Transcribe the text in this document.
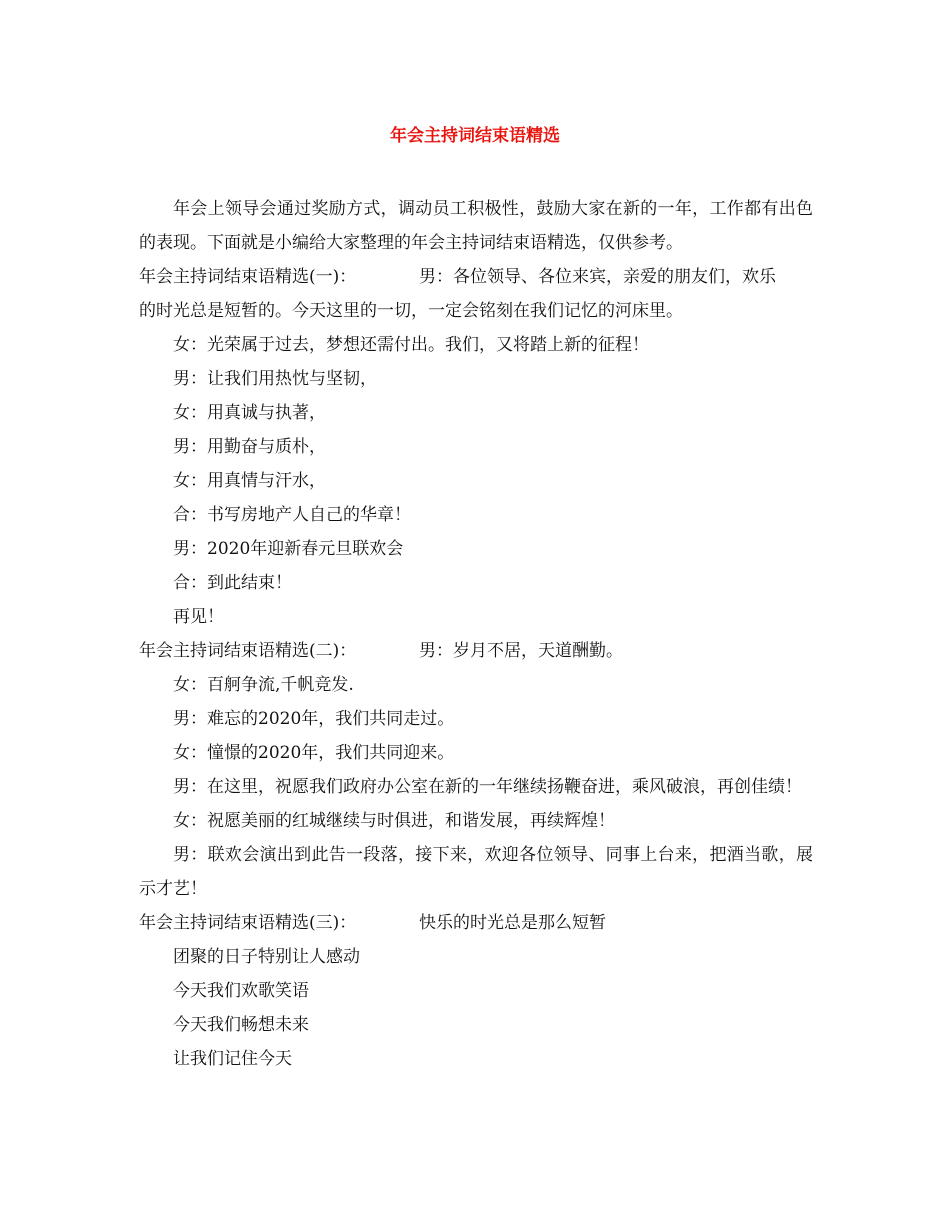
年会主持词结束语精选

年会上领导会通过奖励方式，调动员工积极性，鼓励大家在新的一年，工作都有出色的表现。下面就是小编给大家整理的年会主持词结束语精选，仅供参考。

年会主持词结束语精选(一)：	男：各位领导、各位来宾，亲爱的朋友们，欢乐

的时光总是短暂的。今天这里的一切，一定会铭刻在我们记忆的河床里。

女：光荣属于过去，梦想还需付出。我们，又将踏上新的征程！

男：让我们用热忱与坚韧，

女：用真诚与执著，

男：用勤奋与质朴，

女：用真情与汗水，

合：书写房地产人自己的华章！

男：2020年迎新春元旦联欢会

合：到此结束！

再见！

年会主持词结束语精选(二)：	男：岁月不居，天道酬勤。

女：百舸争流,千帆竞发.

男：难忘的2020年，我们共同走过。

女：憧憬的2020年，我们共同迎来。

男：在这里，祝愿我们政府办公室在新的一年继续扬鞭奋进，乘风破浪，再创佳绩！

女：祝愿美丽的红城继续与时俱进，和谐发展，再续辉煌！

男：联欢会演出到此告一段落，接下来，欢迎各位领导、同事上台来，把酒当歌，展示才艺！

年会主持词结束语精选(三)：	快乐的时光总是那么短暂

团聚的日子特别让人感动

今天我们欢歌笑语

今天我们畅想未来

让我们记住今天
